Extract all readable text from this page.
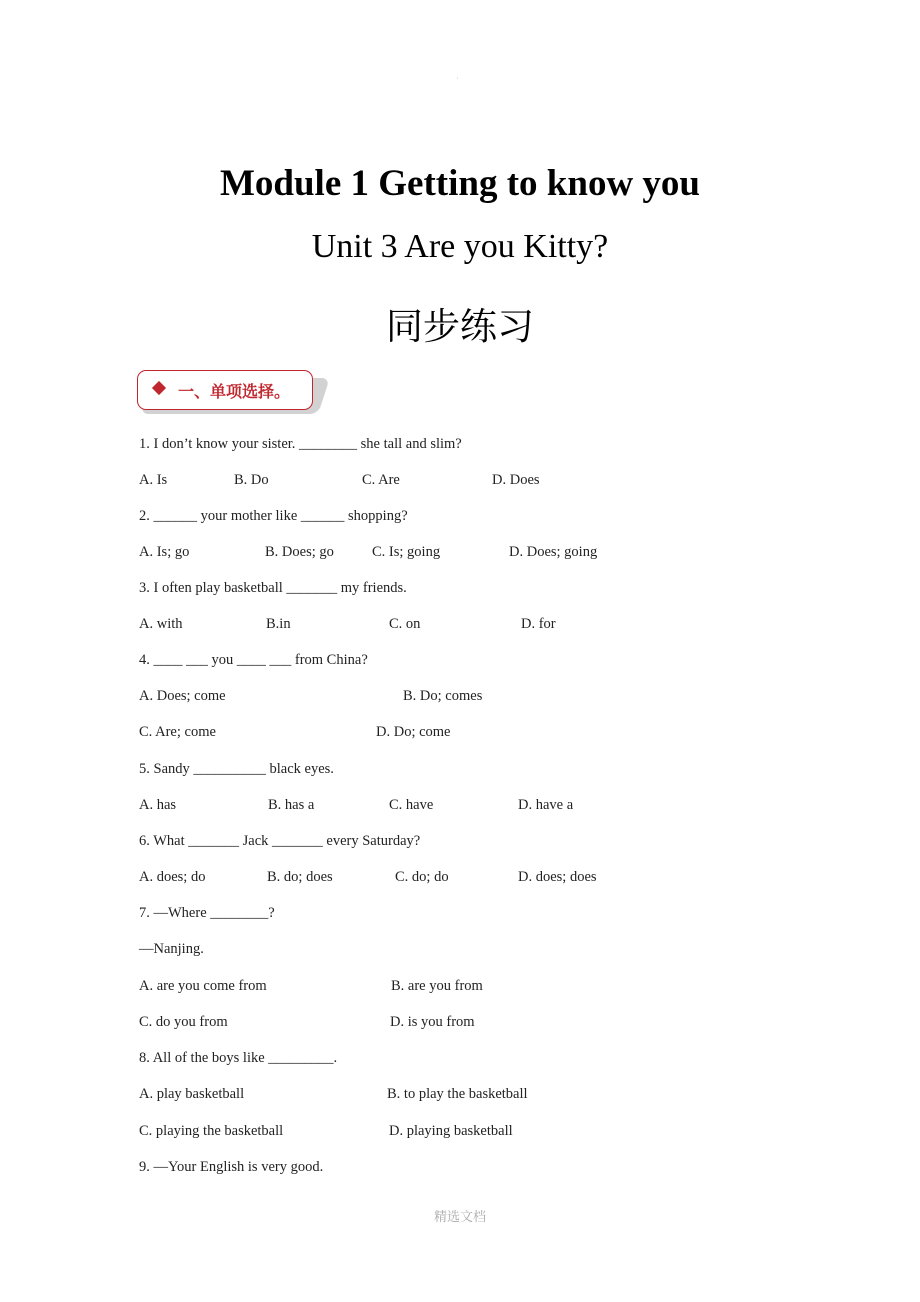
·
Module 1 Getting to know you
Unit 3 Are you Kitty?
同步练习
一、单项选择。
1. I don’t know your sister. ________ she tall and slim?
A. Is	B. Do	C. Are	D. Does
2. ______ your mother like ______ shopping?
A. Is; go	B. Does; go	C. Is; going	D. Does; going
3. I often play basketball _______ my friends.
A. with	B.in	C. on	D. for
4. ____ ___ you ____ ___ from China?
A. Does; come	B. Do; comes
C. Are; come	D. Do; come
5. Sandy __________ black eyes.
A. has	B. has a	C. have	D. have a
6. What _______ Jack _______ every Saturday?
A. does; do	B. do; does	C. do; do	D. does; does
7. —Where ________?
—Nanjing.
A. are you come from	B. are you from
C. do you from	D. is you from
8. All of the boys like _________.
A. play basketball	B. to play the basketball
C. playing the basketball	D. playing basketball
9. —Your English is very good.
精选文档
